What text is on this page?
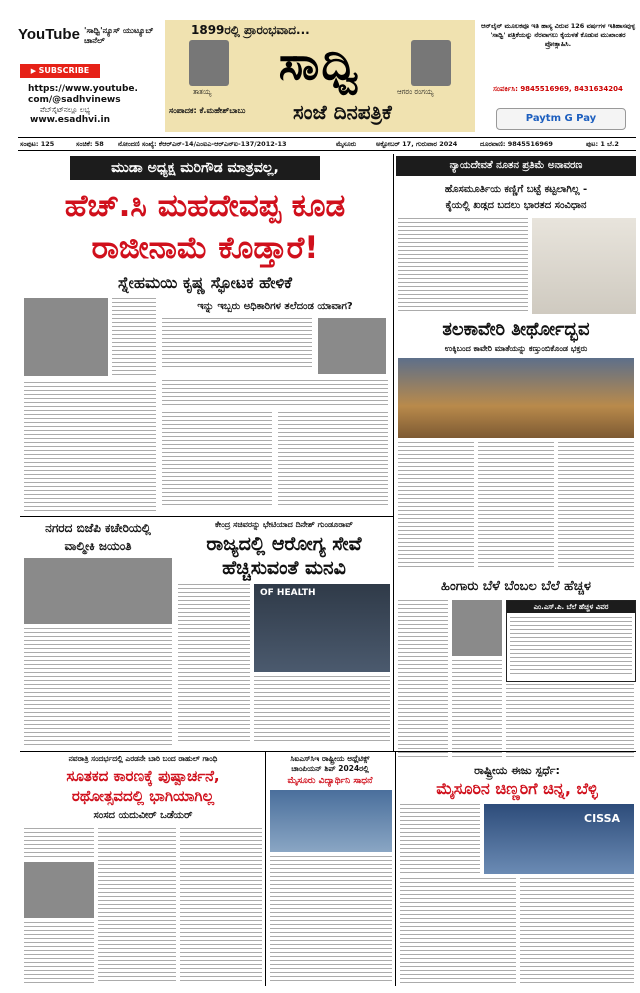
YouTube 'ಸಾಧ್ವಿ'ನ್ಯೂಸ್ ಯುಟ್ಯೂಬ್ ಚಾನೆಲ್
▶ SUBSCRIBE
https://www.youtube.
com/@sadhvinews
ವೆಬ್‌ಸೈಟ್‌ನಲ್ಲೂ ಲಭ್ಯ
www.esadhvi.in
1899ರಲ್ಲಿ ಪ್ರಾರಂಭವಾದ...
ತಾತಯ್ಯ
ಸಾಧ್ವಿ
ಆಗರಂ ರಂಗಯ್ಯ
ಸಂಪಾದಕ: ಕೆ.ಮಹೇಶ್‌ಬಾಬು ಸಂಜೆ ದಿನಪತ್ರಿಕೆ
ಆನ್‌ಲೈನ್ ಮೂಲಕವೂ ಇತಿ ಹಾಸ್ಯ ವಿರುವ 126 ವರ್ಷಗಳ ಇತಿಹಾಸವುಳ್ಳ 'ಸಾಧ್ವಿ' ಪತ್ರಿಕೆಯನ್ನು ನೆರವಾಗಲು ಕೈಯಳತೆ ಕೊಡುವ ಮುಖಾಂತರ ಪ್ರೋತ್ಸಾಹಿಸಿ.
ಸಂಪರ್ಕಿಸಿ: 9845516969, 8431634204
Paytm G Pay
ಸಂಪುಟ: 125	ಸಂಚಿಕೆ: 58 ನೋಂದಣಿ ಸಂಖ್ಯೆ: ಕೆಆರ್‌ಎನ್-14/ಎಂಐಎ-ಆರ್‌ಎನ್‌ಐ-137/2012-13	ಮೈಸೂರು	ಅಕ್ಟೋಬರ್ 17, ಗುರುವಾರ 2024	ದೂರವಾಣಿ: 9845516969	ಪುಟ: 1 ಬೆ.2
ಮುಡಾ ಅಧ್ಯಕ್ಷ ಮರಿಗೌಡ ಮಾತ್ರವಲ್ಲ,
ಹೆಚ್.ಸಿ ಮಹದೇವಪ್ಪ ಕೂಡ
ರಾಜೀನಾಮೆ ಕೊಡ್ತಾರೆ!
ಸ್ನೇಹಮಯಿ ಕೃಷ್ಣ ಸ್ಫೋಟಕ ಹೇಳಿಕೆ
ಇನ್ನು ಇಬ್ಬರು ಅಧಿಕಾರಿಗಳ ತಲೆದಂಡ ಯಾವಾಗ?
ನ್ಯಾಯದೇವತೆ ನೂತನ ಪ್ರತಿಮೆ ಅನಾವರಣ
ಹೊಸಮೂರ್ತಿಯ ಕಣ್ಣಿಗೆ ಬಟ್ಟೆ ಕಟ್ಟಲಾಗಿಲ್ಲ -
ಕೈಯಲ್ಲಿ ಖಡ್ಗದ ಬದಲು ಭಾರತದ ಸಂವಿಧಾನ
ತಲಕಾವೇರಿ ತೀರ್ಥೋದ್ಭವ
ಉಕ್ಕಿಬಂದ ಕಾವೇರಿ ಮಾತೆಯನ್ನು ಕಣ್ತುಂಬಿಕೊಂಡ ಭಕ್ತರು
ನಗರದ ಬಿಜೆಪಿ ಕಚೇರಿಯಲ್ಲಿ
ವಾಲ್ಮೀಕಿ ಜಯಂತಿ
ಕೇಂದ್ರ ಸಚಿವರನ್ನು ಭೇಟಿಯಾದ ದಿನೇಶ್ ಗುಂಡೂರಾವ್
ರಾಜ್ಯದಲ್ಲಿ ಆರೋಗ್ಯ ಸೇವೆ
ಹೆಚ್ಚಿಸುವಂತೆ ಮನವಿ
OF HEALTH	ಹಿಂಗಾರು ಬೆಳೆ ಬೆಂಬಲ ಬೆಲೆ ಹೆಚ್ಚಳ
ಎಂ.ಎಸ್.ಪಿ. ಬೆಲೆ ಹೆಚ್ಚಳ ವಿವರ
ನವರಾತ್ರಿ ಸಂದರ್ಭದಲ್ಲಿ ಎರಡನೇ ಬಾರಿ ಬಂದ ರಾಹುಲ್ ಗಾಂಧಿ
ಸೂತಕದ ಕಾರಣಕ್ಕೆ ಪುಷ್ಪಾರ್ಚನೆ,
ರಥೋತ್ಸವದಲ್ಲಿ ಭಾಗಿಯಾಗಿಲ್ಲ
ಸಂಸದ ಯದುವೀರ್ ಒಡೆಯರ್
ಸಿಐಎಸ್‌ಸಿಇ ರಾಷ್ಟ್ರೀಯ ಅಥ್ಲೆಟಿಕ್ಸ್
ಚಾಂಪಿಯನ್ ಶಿಪ್ 2024ರಲ್ಲಿ
ಮೈಸೂರು ವಿದ್ಯಾರ್ಥಿನಿ ಸಾಧನೆ
ರಾಷ್ಟ್ರೀಯ ಈಜು ಸ್ಪರ್ಧೆ:
ಮೈಸೂರಿನ ಚಿಣ್ಣರಿಗೆ ಚಿನ್ನ, ಬೆಳ್ಳಿ
CISSA
